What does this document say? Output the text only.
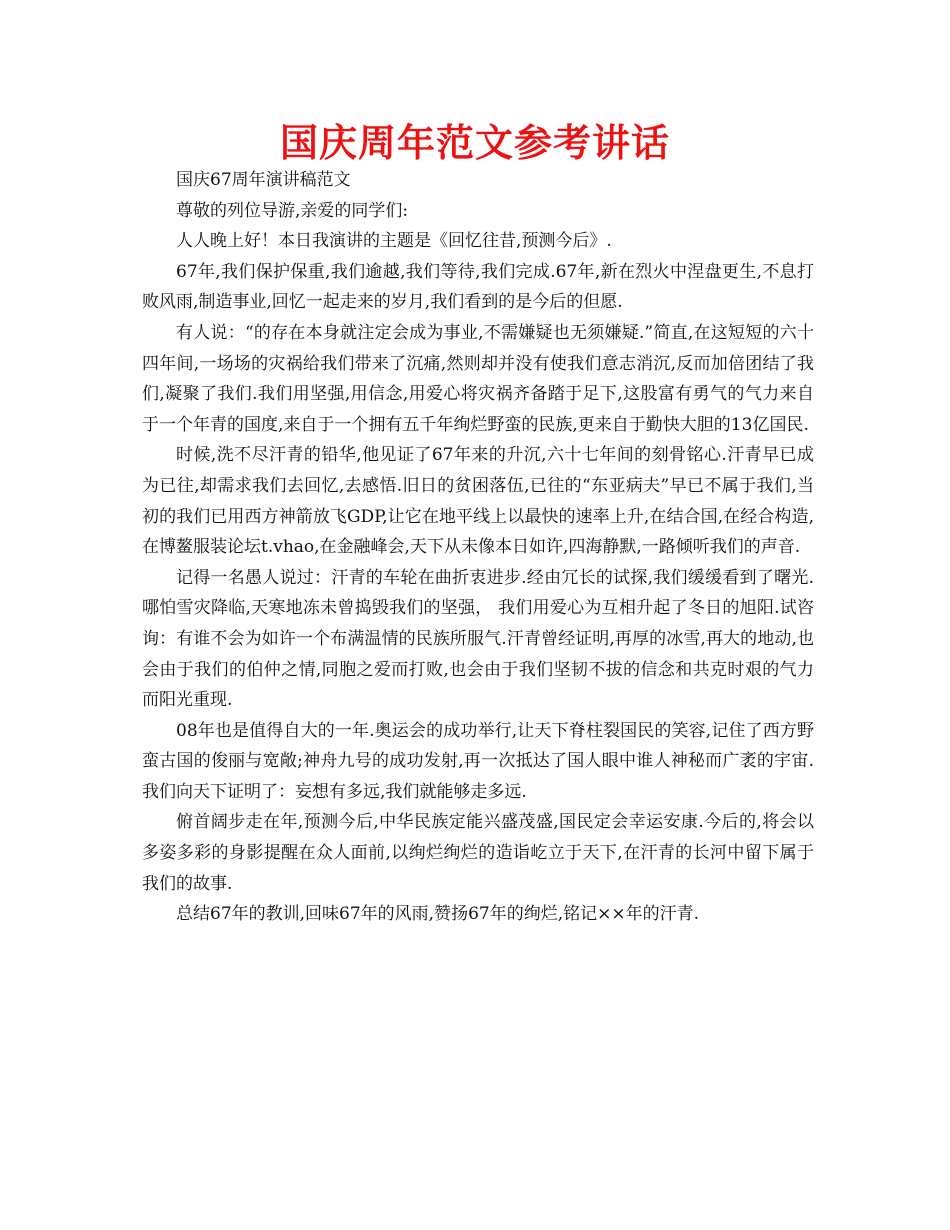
国庆周年范文参考讲话

国庆67周年演讲稿范文

尊敬的列位导游,亲爱的同学们:

人人晚上好！本日我演讲的主题是《回忆往昔,预测今后》.

67年,我们保护保重,我们逾越,我们等待,我们完成.67年,新在烈火中涅盘更生,不息打败风雨,制造事业,回忆一起走来的岁月,我们看到的是今后的但愿.

有人说：“的存在本身就注定会成为事业,不需嫌疑也无须嫌疑.”简直,在这短短的六十四年间,一场场的灾祸给我们带来了沉痛,然则却并没有使我们意志消沉,反而加倍团结了我们,凝聚了我们.我们用坚强,用信念,用爱心将灾祸齐备踏于足下,这股富有勇气的气力来自于一个年青的国度,来自于一个拥有五千年绚烂野蛮的民族,更来自于勤快大胆的13亿国民.

时候,洗不尽汗青的铅华,他见证了67年来的升沉,六十七年间的刻骨铭心.汗青早已成为已往,却需求我们去回忆,去感悟.旧日的贫困落伍,已往的“东亚病夫”早已不属于我们,当初的我们已用西方神箭放飞GDP,让它在地平线上以最快的速率上升,在结合国,在经合构造,在博鳌服装论坛t.vhao,在金融峰会,天下从未像本日如许,四海静默,一路倾听我们的声音.

记得一名愚人说过：汗青的车轮在曲折衷进步.经由冗长的试探,我们缓缓看到了曙光.哪怕雪灾降临,天寒地冻未曾捣毁我们的坚强， 我们用爱心为互相升起了冬日的旭阳.试咨询：有谁不会为如许一个布满温情的民族所服气.汗青曾经证明,再厚的冰雪,再大的地动,也会由于我们的伯仲之情,同胞之爱而打败,也会由于我们坚韧不拔的信念和共克时艰的气力而阳光重现.

08年也是值得自大的一年.奥运会的成功举行,让天下脊柱裂国民的笑容,记住了西方野蛮古国的俊丽与宽敞;神舟九号的成功发射,再一次抵达了国人眼中谁人神秘而广袤的宇宙.我们向天下证明了：妄想有多远,我们就能够走多远.

俯首阔步走在年,预测今后,中华民族定能兴盛茂盛,国民定会幸运安康.今后的,将会以多姿多彩的身影提醒在众人面前,以绚烂绚烂的造诣屹立于天下,在汗青的长河中留下属于我们的故事.

总结67年的教训,回味67年的风雨,赞扬67年的绚烂,铭记××年的汗青.
